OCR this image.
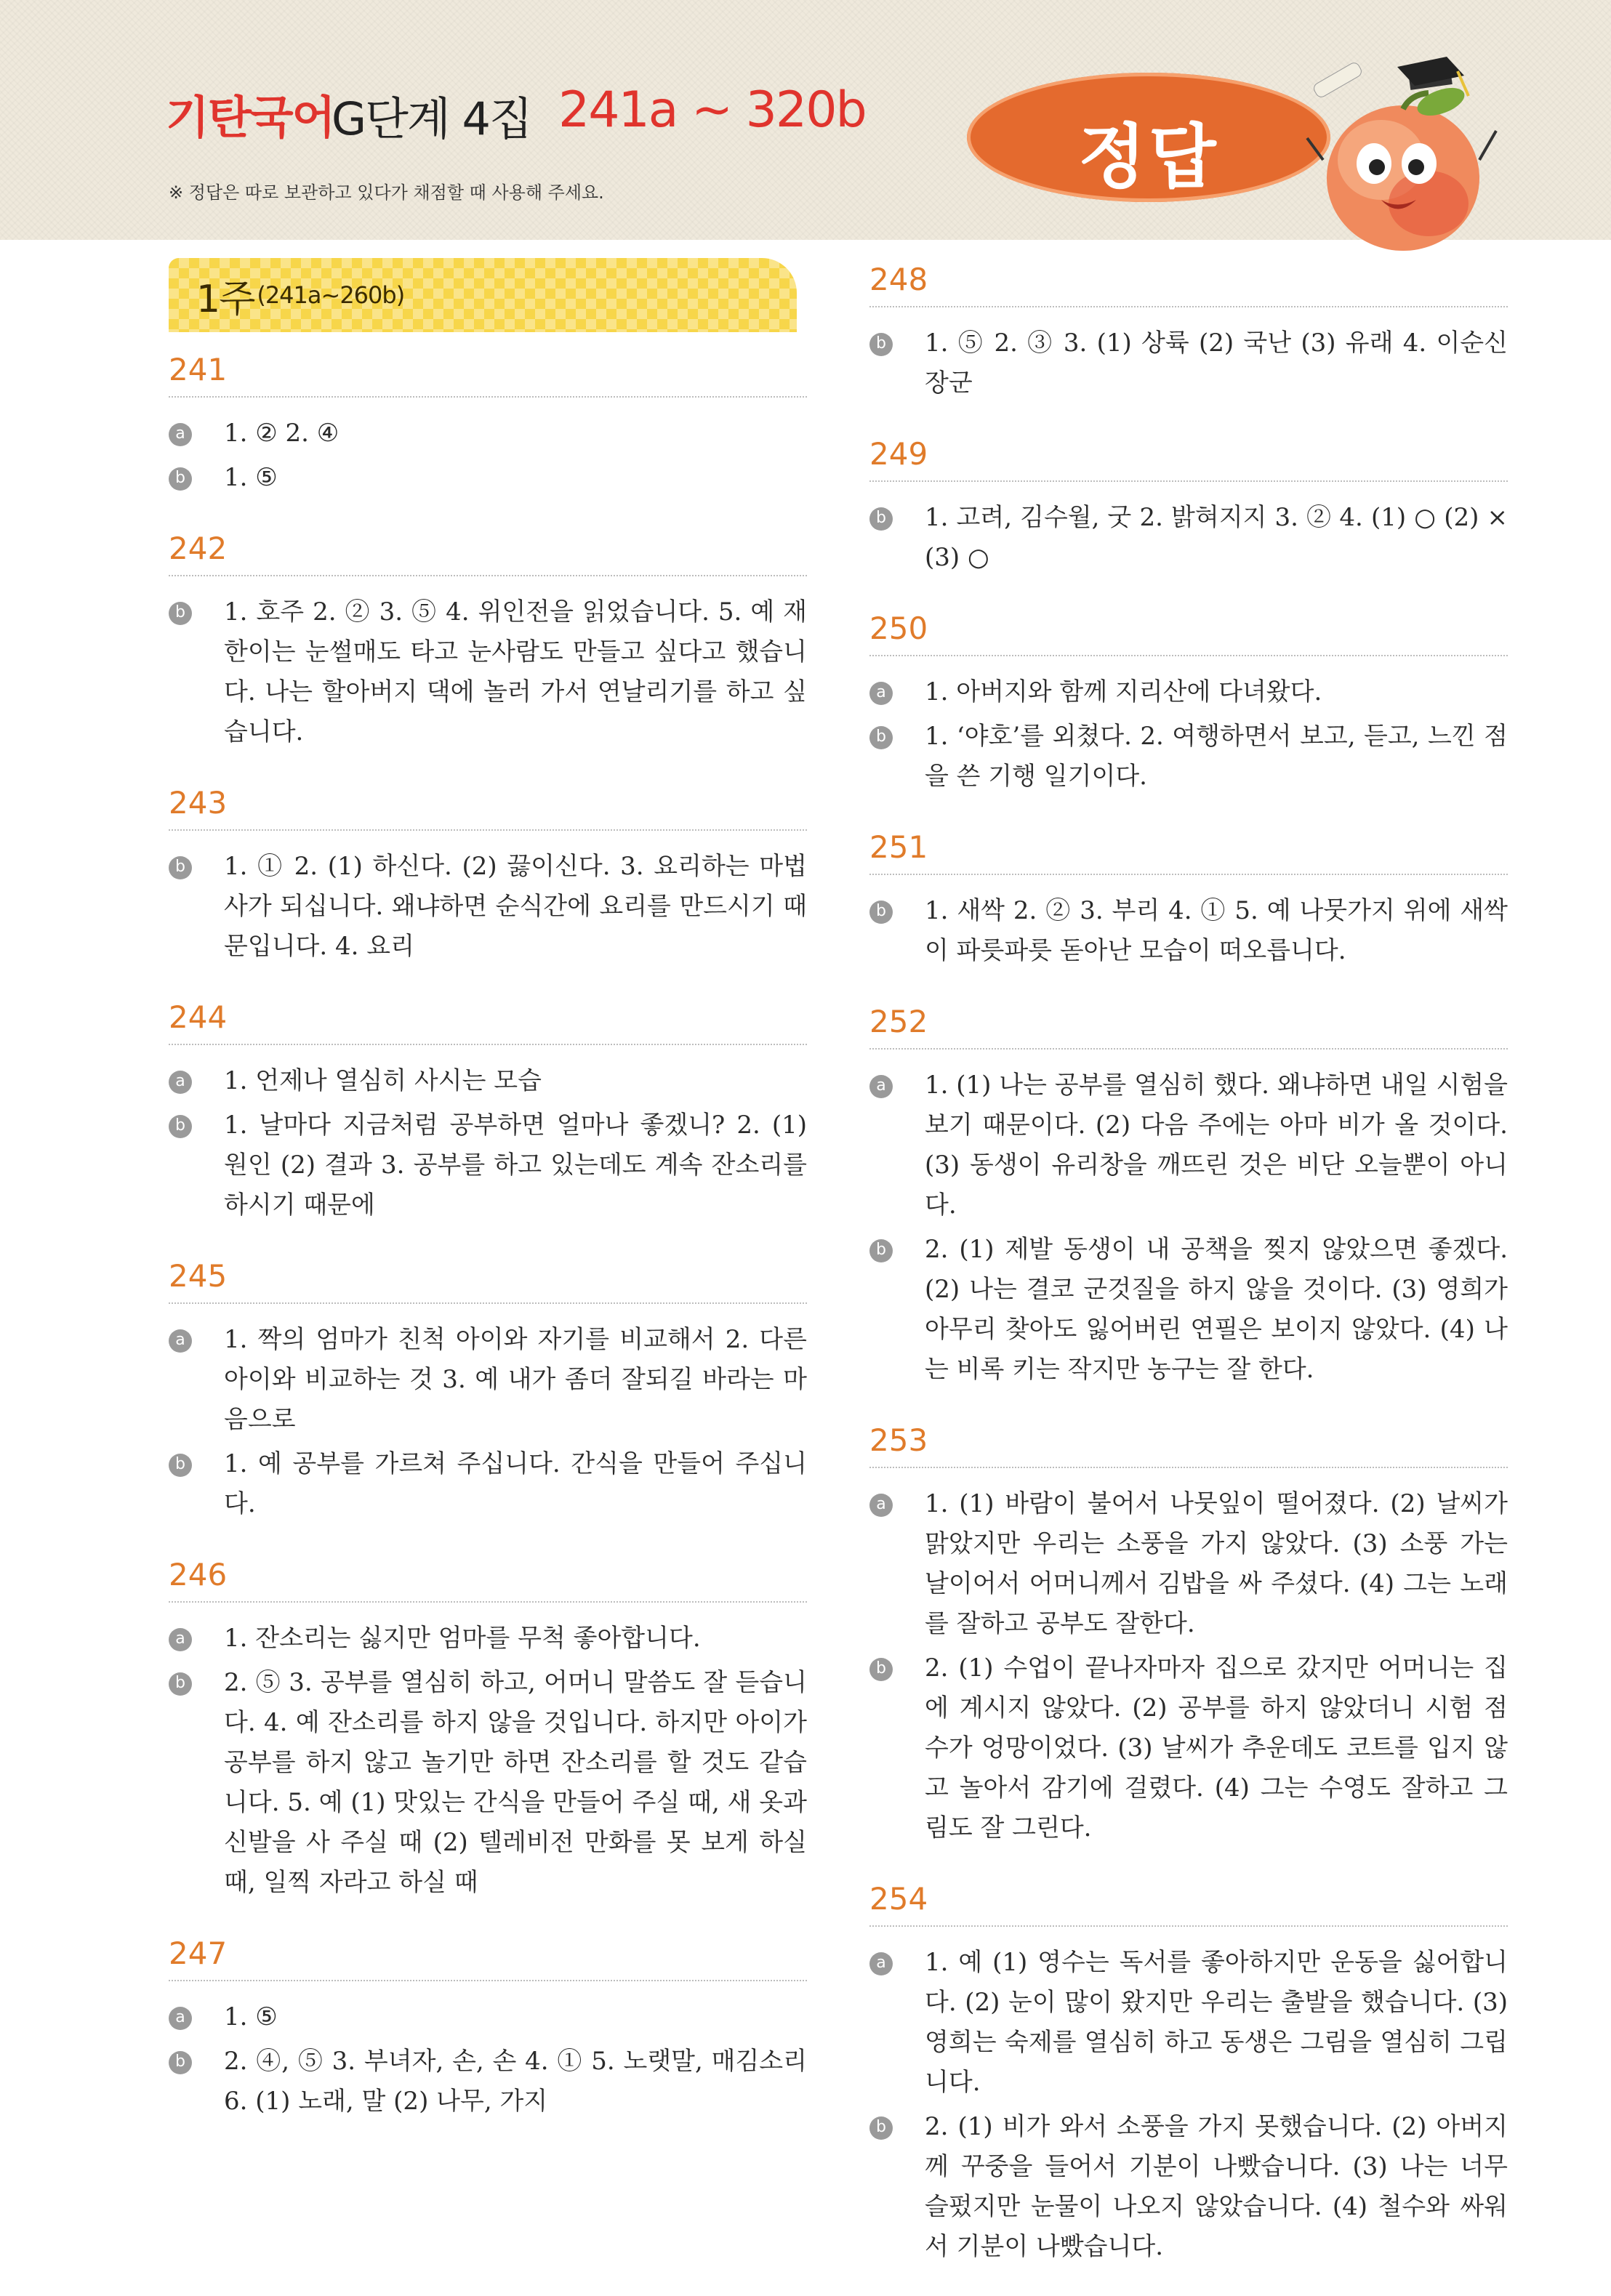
기탄국어
G단계 4집 241a ~ 320b
※ 정답은 따로 보관하고 있다가 채점할 때 사용해 주세요.	정답
1주 (241a~260b)
241
a 1. ② 2. ④
b 1. ⑤
242
b 1. 호주 2. ② 3. ⑤ 4. 위인전을 읽었습니다. 5. 예 재한이는 눈썰매도 타고 눈사람도 만들고 싶다고 했습니다. 나는 할아버지 댁에 놀러 가서 연날리기를 하고 싶습니다.
243
b 1. ① 2. (1) 하신다. (2) 끓이신다. 3. 요리하는 마법사가 되십니다. 왜냐하면 순식간에 요리를 만드시기 때문입니다. 4. 요리
244
a 1. 언제나 열심히 사시는 모습
b 1. 날마다 지금처럼 공부하면 얼마나 좋겠니? 2. (1) 원인 (2) 결과 3. 공부를 하고 있는데도 계속 잔소리를 하시기 때문에
245
a 1. 짝의 엄마가 친척 아이와 자기를 비교해서 2. 다른 아이와 비교하는 것 3. 예 내가 좀더 잘되길 바라는 마음으로
b 1. 예 공부를 가르쳐 주십니다. 간식을 만들어 주십니다.
246
a 1. 잔소리는 싫지만 엄마를 무척 좋아합니다.
b 2. ⑤ 3. 공부를 열심히 하고, 어머니 말씀도 잘 듣습니다. 4. 예 잔소리를 하지 않을 것입니다. 하지만 아이가 공부를 하지 않고 놀기만 하면 잔소리를 할 것도 같습니다. 5. 예 (1) 맛있는 간식을 만들어 주실 때, 새 옷과 신발을 사 주실 때 (2) 텔레비전 만화를 못 보게 하실 때, 일찍 자라고 하실 때
247
a 1. ⑤
b 2. ④, ⑤ 3. 부녀자, 손, 손 4. ① 5. 노랫말, 매김소리 6. (1) 노래, 말 (2) 나무, 가지
248
b 1. ⑤ 2. ③ 3. (1) 상륙 (2) 국난 (3) 유래 4. 이순신 장군
249
b 1. 고려, 김수월, 굿 2. 밝혀지지 3. ② 4. (1) ○ (2) × (3) ○
250
a 1. 아버지와 함께 지리산에 다녀왔다.
b 1. ‘야호’를 외쳤다. 2. 여행하면서 보고, 듣고, 느낀 점을 쓴 기행 일기이다.
251
b 1. 새싹 2. ② 3. 부리 4. ① 5. 예 나뭇가지 위에 새싹이 파릇파릇 돋아난 모습이 떠오릅니다.
252
a 1. (1) 나는 공부를 열심히 했다. 왜냐하면 내일 시험을 보기 때문이다. (2) 다음 주에는 아마 비가 올 것이다. (3) 동생이 유리창을 깨뜨린 것은 비단 오늘뿐이 아니다.
b 2. (1) 제발 동생이 내 공책을 찢지 않았으면 좋겠다. (2) 나는 결코 군것질을 하지 않을 것이다. (3) 영희가 아무리 찾아도 잃어버린 연필은 보이지 않았다. (4) 나는 비록 키는 작지만 농구는 잘 한다.
253
a 1. (1) 바람이 불어서 나뭇잎이 떨어졌다. (2) 날씨가 맑았지만 우리는 소풍을 가지 않았다. (3) 소풍 가는 날이어서 어머니께서 김밥을 싸 주셨다. (4) 그는 노래를 잘하고 공부도 잘한다.
b 2. (1) 수업이 끝나자마자 집으로 갔지만 어머니는 집에 계시지 않았다. (2) 공부를 하지 않았더니 시험 점수가 엉망이었다. (3) 날씨가 추운데도 코트를 입지 않고 놀아서 감기에 걸렸다. (4) 그는 수영도 잘하고 그림도 잘 그린다.
254
a 1. 예 (1) 영수는 독서를 좋아하지만 운동을 싫어합니다. (2) 눈이 많이 왔지만 우리는 출발을 했습니다. (3) 영희는 숙제를 열심히 하고 동생은 그림을 열심히 그립니다.
b 2. (1) 비가 와서 소풍을 가지 못했습니다. (2) 아버지께 꾸중을 들어서 기분이 나빴습니다. (3) 나는 너무 슬펐지만 눈물이 나오지 않았습니다. (4) 철수와 싸워서 기분이 나빴습니다.
